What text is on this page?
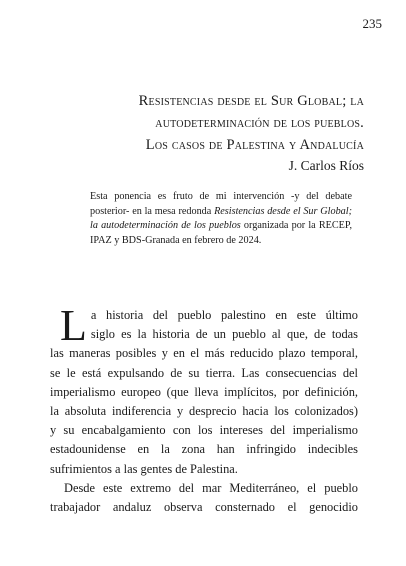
235
Resistencias desde el Sur Global; la
autodeterminación de los pueblos.
Los casos de Palestina y Andalucía
J. Carlos Ríos
Esta ponencia es fruto de mi intervención -y del debate posterior- en la mesa redonda Resistencias desde el Sur Global; la autodeterminación de los pueblos organizada por la RECEP, IPAZ y BDS-Granada en febrero de 2024.

L a historia del pueblo palestino en este último
siglo es la historia de un pueblo al que, de todas
las maneras posibles y en el más reducido plazo temporal,
se le está expulsando de su tierra. Las consecuencias del
imperialismo europeo (que lleva implícitos, por definición,
la absoluta indiferencia y desprecio hacia los colonizados)
y su encabalgamiento con los intereses del imperialismo
estadounidense en la zona han infringido indecibles
sufrimientos a las gentes de Palestina.

Desde este extremo del mar Mediterráneo, el pueblo
trabajador andaluz observa consternado el genocidio
